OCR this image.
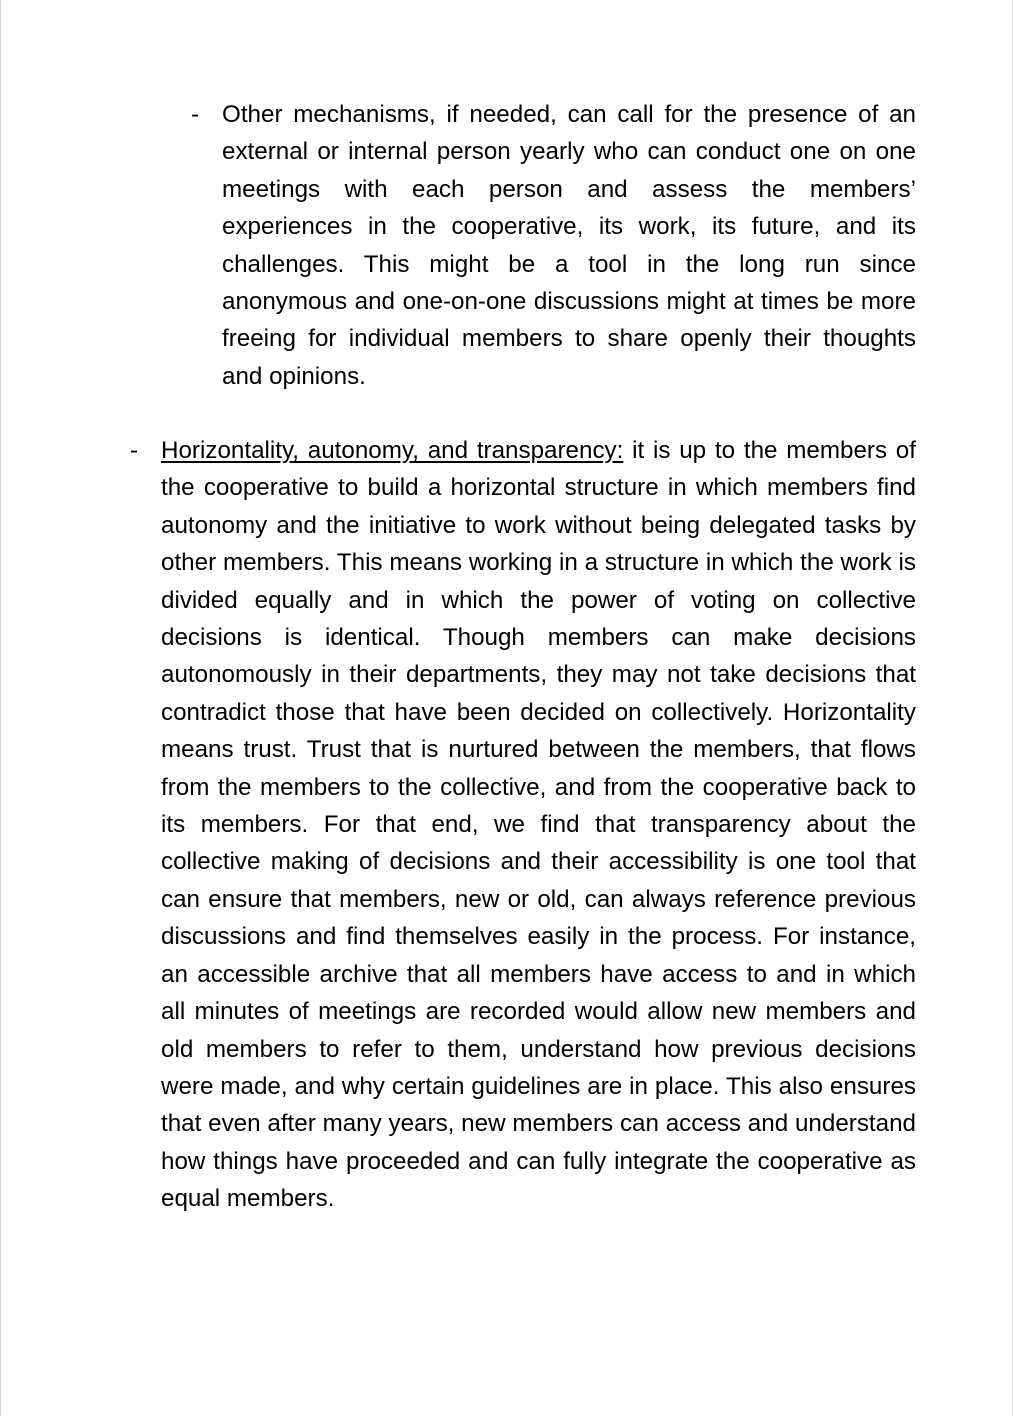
- Other mechanisms, if needed, can call for the presence of an external or internal person yearly who can conduct one on one meetings with each person and assess the members’ experiences in the cooperative, its work, its future, and its challenges. This might be a tool in the long run since anonymous and one-on-one discussions might at times be more freeing for individual members to share openly their thoughts and opinions.
- Horizontality, autonomy, and transparency: it is up to the members of the cooperative to build a horizontal structure in which members find autonomy and the initiative to work without being delegated tasks by other members. This means working in a structure in which the work is divided equally and in which the power of voting on collective decisions is identical. Though members can make decisions autonomously in their departments, they may not take decisions that contradict those that have been decided on collectively. Horizontality means trust. Trust that is nurtured between the members, that flows from the members to the collective, and from the cooperative back to its members. For that end, we find that transparency about the collective making of decisions and their accessibility is one tool that can ensure that members, new or old, can always reference previous discussions and find themselves easily in the process. For instance, an accessible archive that all members have access to and in which all minutes of meetings are recorded would allow new members and old members to refer to them, understand how previous decisions were made, and why certain guidelines are in place. This also ensures that even after many years, new members can access and understand how things have proceeded and can fully integrate the cooperative as equal members.
